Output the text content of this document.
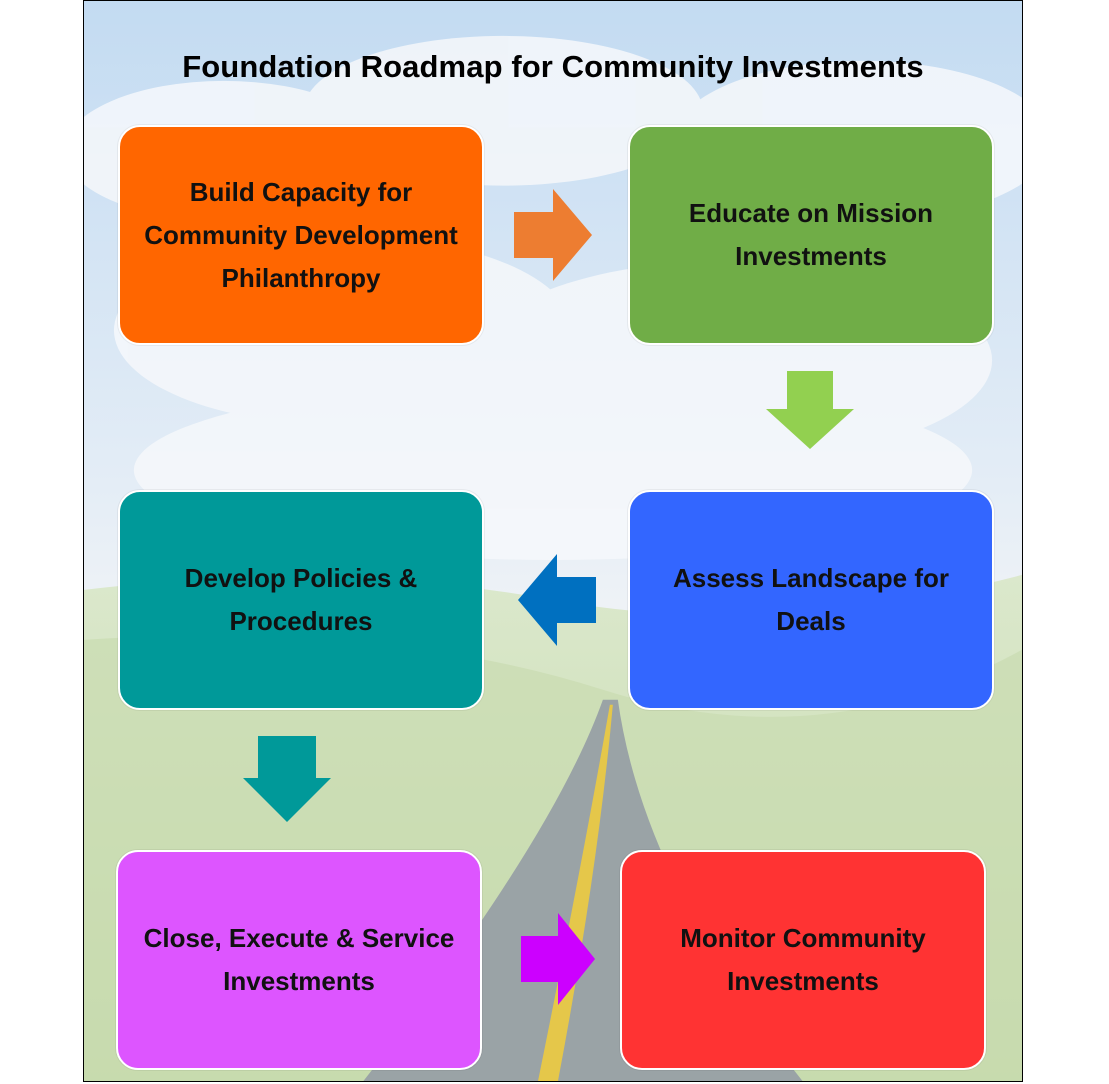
Foundation Roadmap for Community Investments
Build Capacity for Community Development Philanthropy
Educate on Mission Investments
Assess Landscape for Deals
Develop Policies & Procedures
Close, Execute & Service Investments
Monitor Community Investments
